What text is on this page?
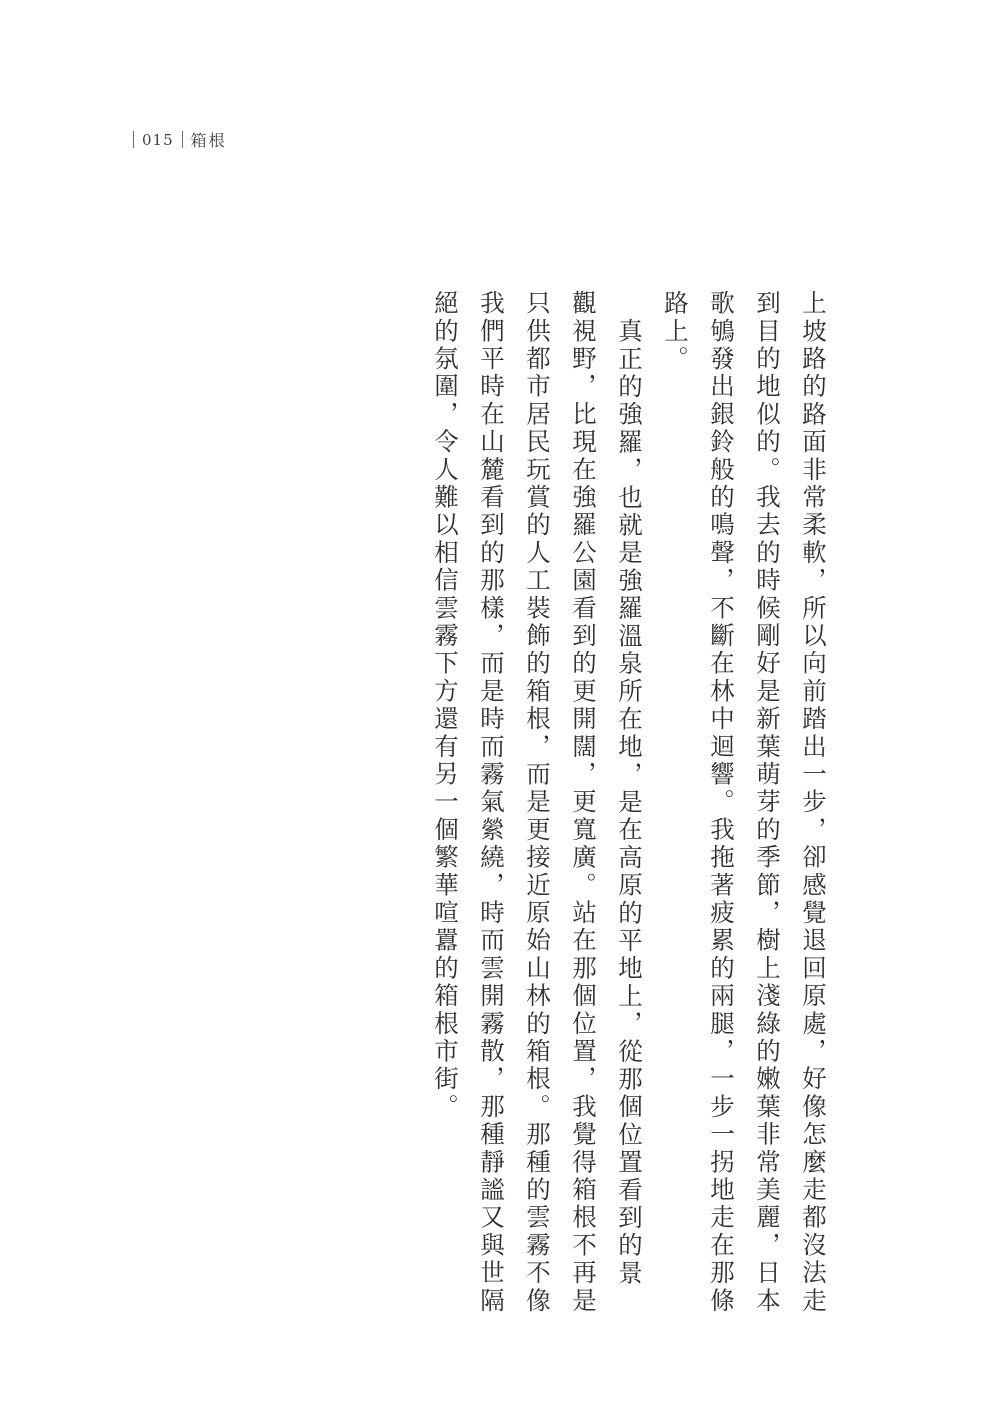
015 箱根
上坡路的路面非常柔軟，所以向前踏出一步，卻感覺退回原處，好像怎麼走都沒法走
到目的地似的。我去的時候剛好是新葉萌芽的季節，樹上淺綠的嫩葉非常美麗，日本
歌鴝發出銀鈴般的鳴聲，不斷在林中迴響。我拖著疲累的兩腿，一步一拐地走在那條
路上。
真正的強羅，也就是強羅溫泉所在地，是在高原的平地上，從那個位置看到的景
觀視野，比現在強羅公園看到的更開闊，更寬廣。站在那個位置，我覺得箱根不再是
只供都市居民玩賞的人工裝飾的箱根，而是更接近原始山林的箱根。那種的雲霧不像
我們平時在山麓看到的那樣，而是時而霧氣縈繞，時而雲開霧散，那種靜謐又與世隔
絕的氛圍，令人難以相信雲霧下方還有另一個繁華喧囂的箱根市街。
